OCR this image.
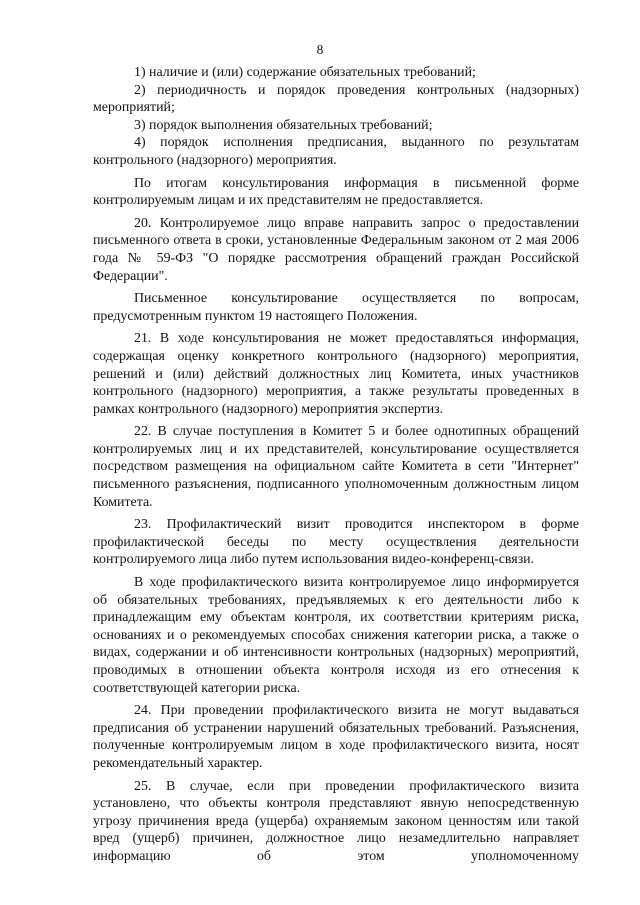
8

1) наличие и (или) содержание обязательных требований;

2) периодичность и порядок проведения контрольных (надзорных) мероприятий;

3) порядок выполнения обязательных требований;

4) порядок исполнения предписания, выданного по результатам контрольного (надзорного) мероприятия.

По итогам консультирования информация в письменной форме контролируемым лицам и их представителям не предоставляется.

20. Контролируемое лицо вправе направить запрос о предоставлении письменного ответа в сроки, установленные Федеральным законом от 2 мая 2006 года № 59-ФЗ "О порядке рассмотрения обращений граждан Российской Федерации".

Письменное консультирование осуществляется по вопросам, предусмотренным пунктом 19 настоящего Положения.

21. В ходе консультирования не может предоставляться информация, содержащая оценку конкретного контрольного (надзорного) мероприятия, решений и (или) действий должностных лиц Комитета, иных участников контрольного (надзорного) мероприятия, а также результаты проведенных в рамках контрольного (надзорного) мероприятия экспертиз.

22. В случае поступления в Комитет 5 и более однотипных обращений контролируемых лиц и их представителей, консультирование осуществляется посредством размещения на официальном сайте Комитета в сети "Интернет" письменного разъяснения, подписанного уполномоченным должностным лицом Комитета.

23. Профилактический визит проводится инспектором в форме профилактической беседы по месту осуществления деятельности контролируемого лица либо путем использования видео-конференц-связи.

В ходе профилактического визита контролируемое лицо информируется об обязательных требованиях, предъявляемых к его деятельности либо к принадлежащим ему объектам контроля, их соответствии критериям риска, основаниях и о рекомендуемых способах снижения категории риска, а также о видах, содержании и об интенсивности контрольных (надзорных) мероприятий, проводимых в отношении объекта контроля исходя из его отнесения к соответствующей категории риска.

24. При проведении профилактического визита не могут выдаваться предписания об устранении нарушений обязательных требований. Разъяснения, полученные контролируемым лицом в ходе профилактического визита, носят рекомендательный характер.

25. В случае, если при проведении профилактического визита установлено, что объекты контроля представляют явную непосредственную угрозу причинения вреда (ущерба) охраняемым законом ценностям или такой вред (ущерб) причинен, должностное лицо незамедлительно направляет информацию об этом уполномоченному
